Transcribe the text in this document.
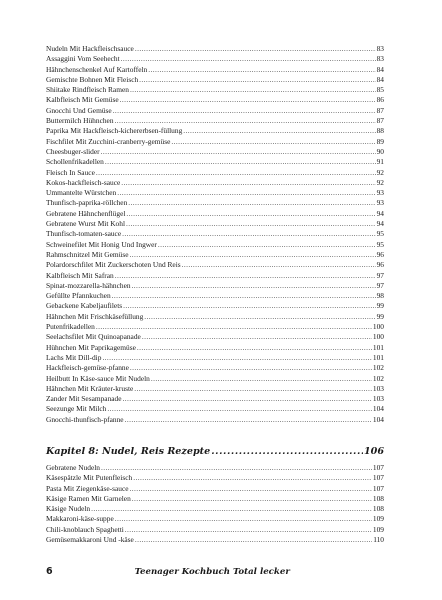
Nudeln Mit Hackfleischsauce .....	83
Assaggini Vom Seehecht .....	83
Hähnchenschenkel Auf Kartoffeln .....	84
Gemischte Bohnen Mit Fleisch .....	84
Shiitake Rindfleisch Ramen .....	85
Kalbfleisch Mit Gemüse .....	86
Gnocchi Und Gemüse .....	87
Buttermilch Hühnchen .....	87
Paprika Mit Hackfleisch-kichererbsen-füllung .....	88
Fischfilet Mit Zucchini-cranberry-gemüse .....	89
Cheesbuger-slider .....	90
Schollenfrikadellen .....	91
Fleisch In Sauce .....	92
Kokos-hackfleisch-sauce .....	92
Ummantelte Würstchen .....	93
Thunfisch-paprika-röllchen .....	93
Gebratene Hähnchenflügel .....	94
Gebratene Wurst Mit Kohl .....	94
Thunfisch-tomaten-sauce .....	95
Schweinefilet Mit Honig Und Ingwer .....	95
Rahmschnitzel Mit Gemüse .....	96
Polardorschfilet Mit Zuckerschoten Und Reis .....	96
Kalbfleisch Mit Safran .....	97
Spinat-mozzarella-hähnchen .....	97
Gefüllte Pfannkuchen .....	98
Gebackene Kabeljaufilets .....	99
Hähnchen Mit Frischkäsefüllung .....	99
Putenfrikadellen .....	100
Seelachsfilet Mit Quinoapanade .....	100
Hühnchen Mit Paprikagemüse .....	101
Lachs Mit Dill-dip .....	101
Hackfleisch-gemüse-pfanne .....	102
Heilbutt In Käse-sauce Mit Nudeln .....	102
Hähnchen Mit Kräuter-kruste .....	103
Zander Mit Sesampanade .....	103
Seezunge Mit Milch .....	104
Gnocchi-thunfisch-pfanne .....	104
Kapitel 8: Nudel, Reis Rezepte .....	106
Gebratene Nudeln .....	107
Käsespätzle Mit Putenfleisch .....	107
Pasta Mit Ziegenkäse-sauce .....	107
Käsige Ramen Mit Garnelen .....	108
Käsige Nudeln .....	108
Makkaroni-käse-suppe .....	109
Chili-knoblauch Spaghetti .....	109
Gemüsemakkaroni Und -käse .....	110
6	Teenager Kochbuch Total lecker
